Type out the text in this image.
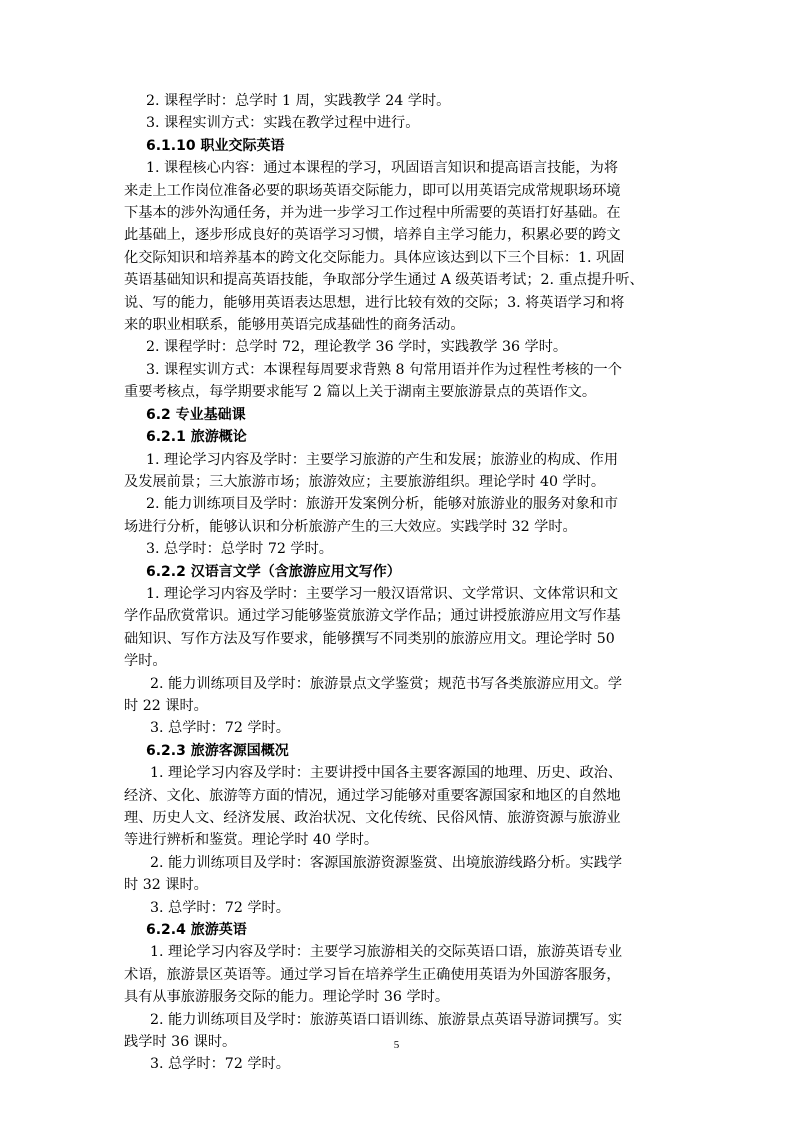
2. 课程学时：总学时 1 周，实践教学 24 学时。

3. 课程实训方式：实践在教学过程中进行。

6.1.10 职业交际英语

1. 课程核心内容：通过本课程的学习，巩固语言知识和提高语言技能，为将

来走上工作岗位准备必要的职场英语交际能力，即可以用英语完成常规职场环境

下基本的涉外沟通任务，并为进一步学习工作过程中所需要的英语打好基础。在

此基础上，逐步形成良好的英语学习习惯，培养自主学习能力，积累必要的跨文

化交际知识和培养基本的跨文化交际能力。具体应该达到以下三个目标：1. 巩固

英语基础知识和提高英语技能，争取部分学生通过 A 级英语考试；2. 重点提升听、

说、写的能力，能够用英语表达思想，进行比较有效的交际；3. 将英语学习和将

来的职业相联系，能够用英语完成基础性的商务活动。

2. 课程学时：总学时 72，理论教学 36 学时，实践教学 36 学时。

3. 课程实训方式：本课程每周要求背熟 8 句常用语并作为过程性考核的一个

重要考核点，每学期要求能写 2 篇以上关于湖南主要旅游景点的英语作文。

6.2 专业基础课

6.2.1 旅游概论

1. 理论学习内容及学时：主要学习旅游的产生和发展；旅游业的构成、作用

及发展前景；三大旅游市场；旅游效应；主要旅游组织。理论学时 40 学时。

2. 能力训练项目及学时：旅游开发案例分析，能够对旅游业的服务对象和市

场进行分析，能够认识和分析旅游产生的三大效应。实践学时 32 学时。

3. 总学时：总学时 72 学时。

6.2.2 汉语言文学（含旅游应用文写作）

1. 理论学习内容及学时：主要学习一般汉语常识、文学常识、文体常识和文

学作品欣赏常识。通过学习能够鉴赏旅游文学作品；通过讲授旅游应用文写作基

础知识、写作方法及写作要求，能够撰写不同类别的旅游应用文。理论学时 50

学时。

2. 能力训练项目及学时：旅游景点文学鉴赏；规范书写各类旅游应用文。学

时 22 课时。

3. 总学时：72 学时。

6.2.3 旅游客源国概况

1. 理论学习内容及学时：主要讲授中国各主要客源国的地理、历史、政治、

经济、文化、旅游等方面的情况，通过学习能够对重要客源国家和地区的自然地

理、历史人文、经济发展、政治状况、文化传统、民俗风情、旅游资源与旅游业

等进行辨析和鉴赏。理论学时 40 学时。

2. 能力训练项目及学时：客源国旅游资源鉴赏、出境旅游线路分析。实践学

时 32 课时。

3. 总学时：72 学时。

6.2.4 旅游英语

1. 理论学习内容及学时：主要学习旅游相关的交际英语口语，旅游英语专业

术语，旅游景区英语等。通过学习旨在培养学生正确使用英语为外国游客服务，

具有从事旅游服务交际的能力。理论学时 36 学时。

2. 能力训练项目及学时：旅游英语口语训练、旅游景点英语导游词撰写。实

践学时 36 课时。

3. 总学时：72 学时。

5
